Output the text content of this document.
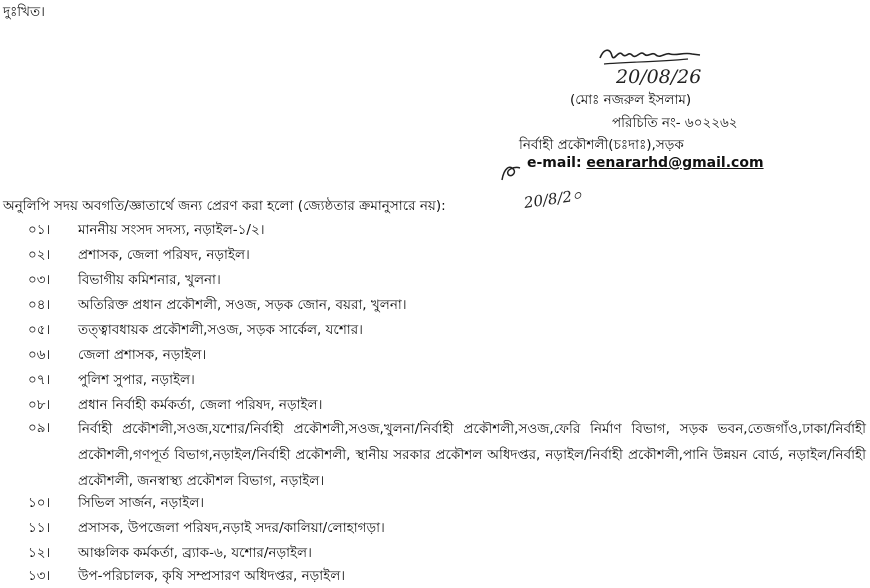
দুঃখিত।
20/08/26
(মোঃ নজরুল ইসলাম)
পরিচিতি নং- ৬০২২৬২
নির্বাহী প্রকৌশলী(চঃদাঃ),সড়ক
e-mail: eenararhd@gmail.com
20/8/2০
অনুলিপি সদয় অবগতি/জ্ঞাতার্থে জন্য প্রেরণ করা হলো (জ্যেষ্ঠতার ক্রমানুসারে নয়):
০১।	মাননীয় সংসদ সদস্য, নড়াইল-১/২।
০২।	প্রশাসক, জেলা পরিষদ, নড়াইল।
০৩।	বিভাগীয় কমিশনার, খুলনা।
০৪।	অতিরিক্ত প্রধান প্রকৌশলী, সওজ, সড়ক জোন, বয়রা, খুলনা।
০৫।	তত্ত্বাবধায়ক প্রকৌশলী,সওজ, সড়ক সার্কেল, যশোর।
০৬।	জেলা প্রশাসক, নড়াইল।
০৭।	পুলিশ সুপার, নড়াইল।
০৮।	প্রধান নির্বাহী কর্মকর্তা, জেলা পরিষদ, নড়াইল।
০৯।	নির্বাহী প্রকৌশলী,সওজ,যশোর/নির্বাহী প্রকৌশলী,সওজ,খুলনা/নির্বাহী প্রকৌশলী,সওজ,ফেরি নির্মাণ বিভাগ, সড়ক ভবন,তেজগাঁও,ঢাকা/নির্বাহী প্রকৌশলী,গণপূর্ত বিভাগ,নড়াইল/নির্বাহী প্রকৌশলী, স্থানীয় সরকার প্রকৌশল অধিদপ্তর, নড়াইল/নির্বাহী প্রকৌশলী,পানি উন্নয়ন বোর্ড, নড়াইল/নির্বাহী প্রকৌশলী, জনস্বাস্থ্য প্রকৌশল বিভাগ, নড়াইল।
১০।	সিভিল সার্জন, নড়াইল।
১১।	প্রসাসক, উপজেলা পরিষদ,নড়াই সদর/কালিয়া/লোহাগড়া।
১২।	আঞ্চলিক কর্মকর্তা, ব্র্যাক-৬, যশোর/নড়াইল।
১৩।	উপ-পরিচালক, কৃষি সম্প্রসারণ অধিদপ্তর, নড়াইল।
